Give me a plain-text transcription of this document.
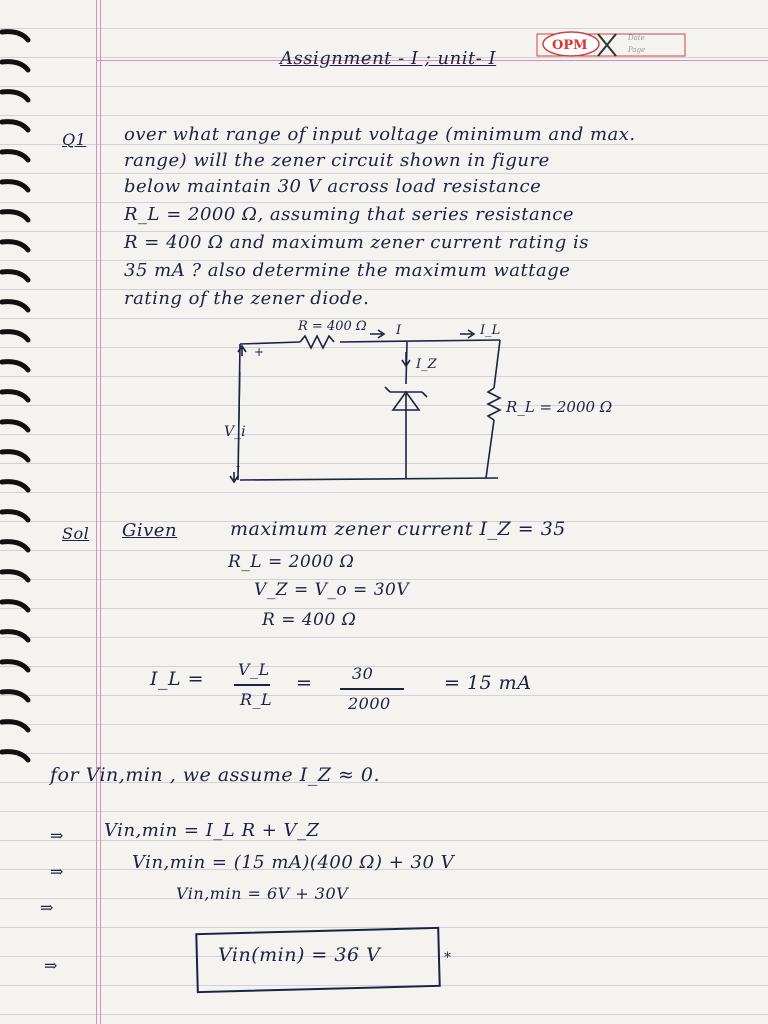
Assignment - I ; unit- I
OPM	Date
Page
Q1 over what range of input voltage (minimum and max.
range) will the zener circuit shown in figure
below maintain 30 V across load resistance
R_L = 2000 Ω, assuming that series resistance
R = 400 Ω and maximum zener current rating is
35 mA ? also determine the maximum wattage
rating of the zener diode.
R = 400 Ω I	I_L
I_Z
R_L = 2000 Ω
V_i
+
-
Sol Given	maximum zener current I_Z = 35
R_L = 2000 Ω
V_Z = V_o = 30V
R = 400 Ω
I_L = V_L
R_L
= 30
2000
= 15 mA
for Vin,min , we assume I_Z ≈ 0.
⇒ Vin,min = I_L R + V_Z
⇒	Vin,min = (15 mA)(400 Ω) + 30 V
⇒
Vin,min = 6V + 30V
⇒	Vin(min) = 36 V	*
